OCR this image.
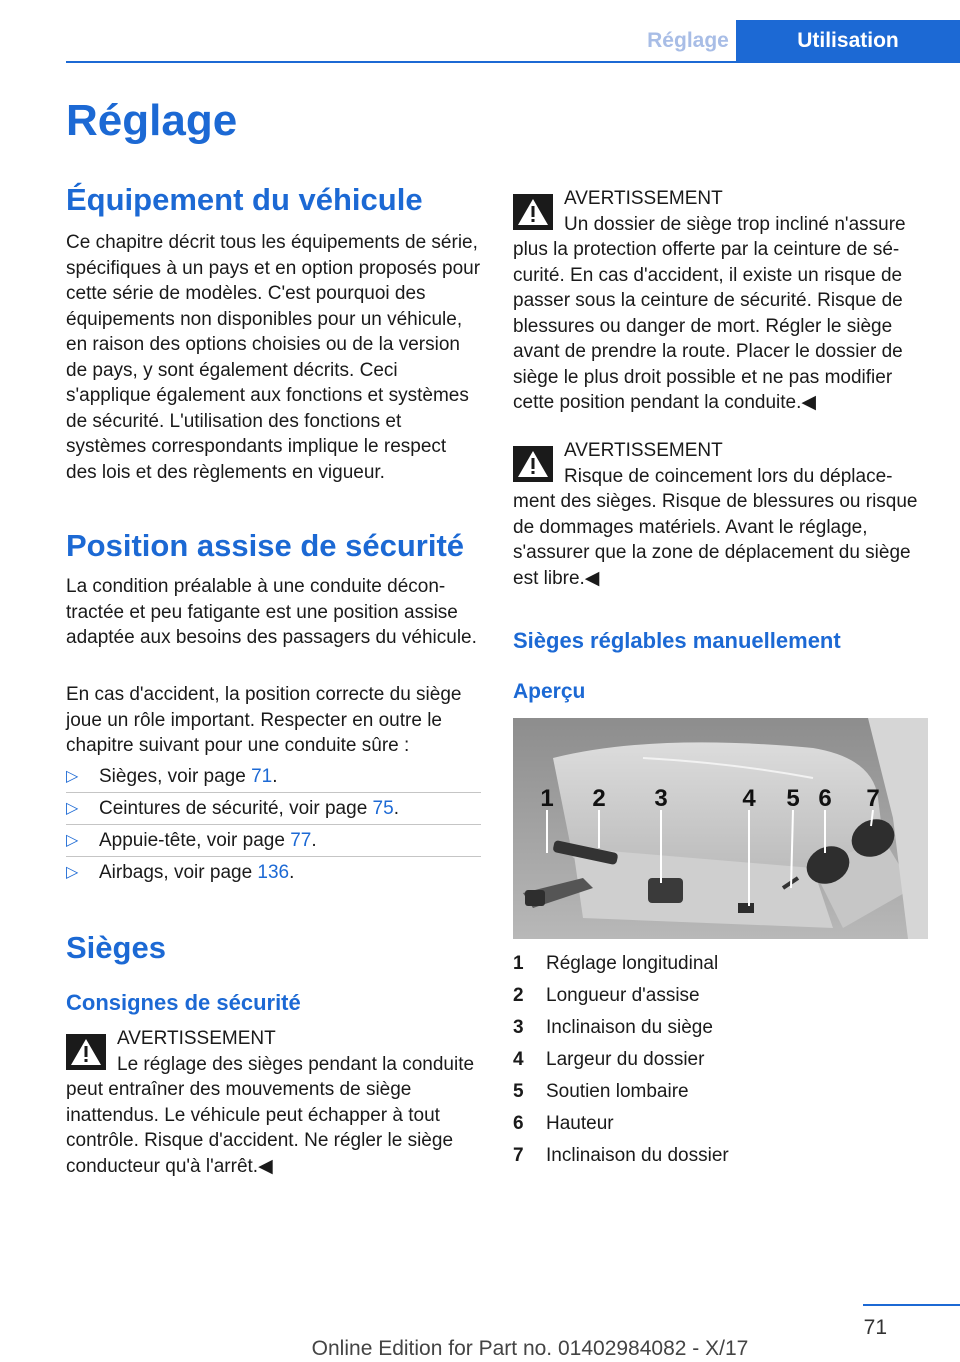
Réglage	Utilisation
Réglage
Équipement du véhicule

Ce chapitre décrit tous les équipements de série, spécifiques à un pays et en option proposés pour cette série de modèles. C'est pourquoi des équipements non disponibles pour un véhicule, en raison des options choisies ou de la version de pays, y sont également décrits. Ceci s'applique également aux fonctions et systèmes de sécurité. L'utilisation des fonctions et systèmes correspondants implique le respect des lois et des règlements en vigueur.

Position assise de sécurité

La condition préalable à une conduite décontractée et peu fatigante est une position assise adaptée aux besoins des passagers du véhicule.

En cas d'accident, la position correcte du siège joue un rôle important. Respecter en outre le chapitre suivant pour une conduite sûre :

▷ Sièges, voir page 71.
▷ Ceintures de sécurité, voir page 75.
▷ Appuie-tête, voir page 77.
▷ Airbags, voir page 136.
Sièges
Consignes de sécurité
AVERTISSEMENT

Le réglage des sièges pendant la conduite peut entraîner des mouvements de siège inattendus. Le véhicule peut échapper à tout contrôle. Risque d'accident. Ne régler le siège conducteur qu'à l'arrêt.◀

AVERTISSEMENT

Un dossier de siège trop incliné n'assure plus la protection offerte par la ceinture de sécurité. En cas d'accident, il existe un risque de passer sous la ceinture de sécurité. Risque de blessures ou danger de mort. Régler le siège avant de prendre la route. Placer le dossier de siège le plus droit possible et ne pas modifier cette position pendant la conduite.◀

AVERTISSEMENT

Risque de coincement lors du déplacement des sièges. Risque de blessures ou risque de dommages matériels. Avant le réglage, s'assurer que la zone de déplacement du siège est libre.◀

Sièges réglables manuellement
Aperçu
1 2 3	4 5 6 7
1 Réglage longitudinal
2 Longueur d'assise
3 Inclinaison du siège
4 Largeur du dossier
5 Soutien lombaire
6 Hauteur
7 Inclinaison du dossier
71
Online Edition for Part no. 01402984082 - X/17
